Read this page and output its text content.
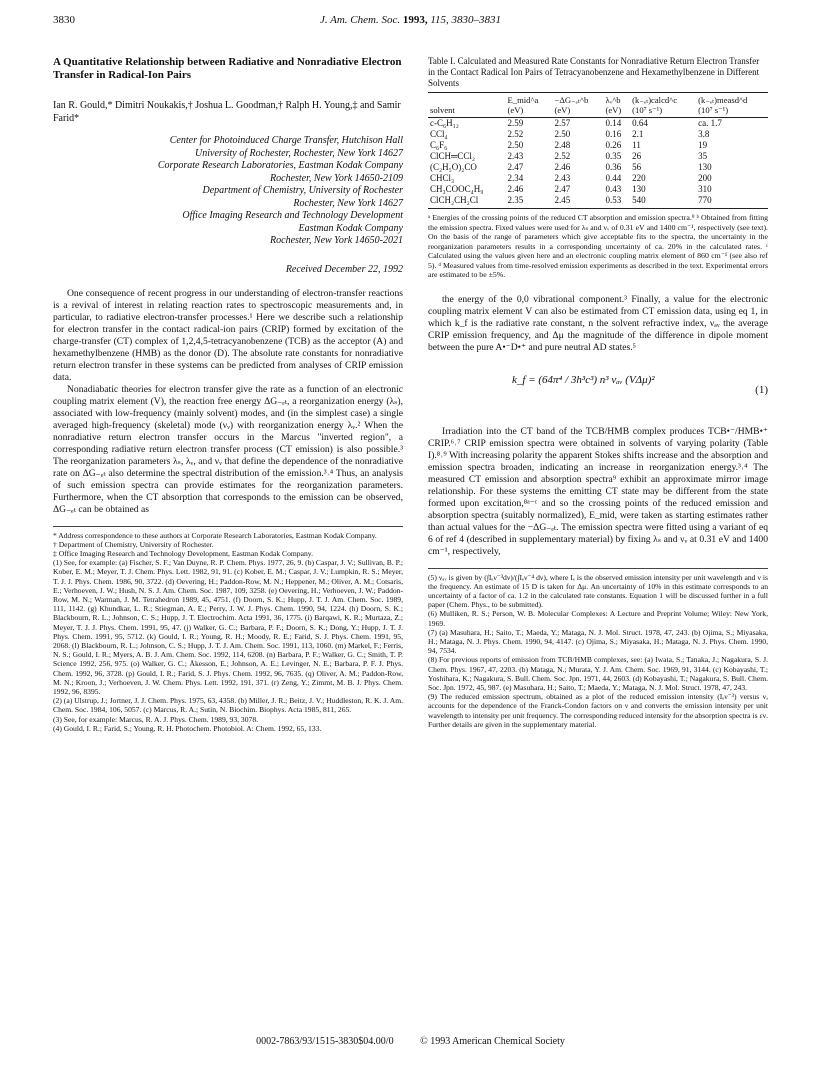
3830	J. Am. Chem. Soc. 1993, 115, 3830–3831
A Quantitative Relationship between Radiative and Nonradiative Electron Transfer in Radical-Ion Pairs
Ian R. Gould,* Dimitri Noukakis,† Joshua L. Goodman,† Ralph H. Young,‡ and Samir Farid*
Center for Photoinduced Charge Transfer, Hutchison Hall
University of Rochester, Rochester, New York 14627
Corporate Research Laboratories, Eastman Kodak Company
Rochester, New York 14650-2109
Department of Chemistry, University of Rochester
Rochester, New York 14627
Office Imaging Research and Technology Development
Eastman Kodak Company
Rochester, New York 14650-2021
Received December 22, 1992

One consequence of recent progress in our understanding of electron-transfer reactions is a revival of interest in relating reaction rates to spectroscopic measurements and, in particular, to radiative electron-transfer processes.¹ Here we describe such a relationship for electron transfer in the contact radical-ion pairs (CRIP) formed by excitation of the charge-transfer (CT) complex of 1,2,4,5-tetracyanobenzene (TCB) as the acceptor (A) and hexamethylbenzene (HMB) as the donor (D). The absolute rate constants for nonradiative return electron transfer in these systems can be predicted from analyses of CRIP emission data.

Nonadiabatic theories for electron transfer give the rate as a function of an electronic coupling matrix element (V), the reaction free energy ΔG₋ₑₜ, a reorganization energy (λₛ), associated with low-frequency (mainly solvent) modes, and (in the simplest case) a single averaged high-frequency (skeletal) mode (νᵥ) with reorganization energy λᵥ.² When the nonradiative return electron transfer occurs in the Marcus "inverted region", a corresponding radiative return electron transfer process (CT emission) is also possible.³ The reorganization parameters λₛ, λᵥ, and νᵥ that define the dependence of the nonradiative rate on ΔG₋ₑₜ also determine the spectral distribution of the emission.³˒⁴ Thus, an analysis of such emission spectra can provide estimates for the reorganization parameters. Furthermore, when the CT absorption that corresponds to the emission can be observed, ΔG₋ₑₜ can be obtained as

* Address correspondence to these authors at Corporate Research Laboratories, Eastman Kodak Company.
† Department of Chemistry, University of Rochester.
‡ Office Imaging Research and Technology Development, Eastman Kodak Company.
(1) See, for example: (a) Fischer, S. F.; Van Duyne, R. P. Chem. Phys. 1977, 26, 9. (b) Caspar, J. V.; Sullivan, B. P.; Kober, E. M.; Meyer, T. J. Chem. Phys. Lett. 1982, 91, 91. (c) Kober, E. M.; Caspar, J. V.; Lumpkin, R. S.; Meyer, T. J. J. Phys. Chem. 1986, 90, 3722. (d) Oevering, H.; Paddon-Row, M. N.; Heppener, M.; Oliver, A. M.; Cotsaris, E.; Verhoeven, J. W.; Hush, N. S. J. Am. Chem. Soc. 1987, 109, 3258. (e) Oevering, H.; Verhoeven, J. W.; Paddon-Row, M. N.; Warman, J. M. Tetrahedron 1989, 45, 4751. (f) Doorn, S. K.; Hupp, J. T. J. Am. Chem. Soc. 1989, 111, 1142. (g) Khundkar, L. R.; Stiegman, A. E.; Perry, J. W. J. Phys. Chem. 1990, 94, 1224. (h) Doorn, S. K.; Blackbourn, R. L.; Johnson, C. S.; Hupp, J. T. Electrochim. Acta 1991, 36, 1775. (i) Barqawi, K. R.; Murtaza, Z.; Meyer, T. J. J. Phys. Chem. 1991, 95, 47. (j) Walker, G. C.; Barbara, P. F.; Doorn, S. K.; Dong, Y.; Hupp, J. T. J. Phys. Chem. 1991, 95, 5712. (k) Gould, I. R.; Young, R. H.; Moody, R. E.; Farid, S. J. Phys. Chem. 1991, 95, 2068. (l) Blackbourn, R. L.; Johnson, C. S.; Hupp, J. T. J. Am. Chem. Soc. 1991, 113, 1060. (m) Markel, F.; Ferris, N. S.; Gould, I. R.; Myers, A. B. J. Am. Chem. Soc. 1992, 114, 6208. (n) Barbara, P. F.; Walker, G. C.; Smith, T. P. Science 1992, 256, 975. (o) Walker, G. C.; Åkesson, E.; Johnson, A. E.; Levinger, N. E.; Barbara, P. F. J. Phys. Chem. 1992, 96, 3728. (p) Gould, I. R.; Farid, S. J. Phys. Chem. 1992, 96, 7635. (q) Oliver, A. M.; Paddon-Row, M. N.; Kroon, J.; Verhoeven, J. W. Chem. Phys. Lett. 1992, 191, 371. (r) Zeng, Y.; Zimmt, M. B. J. Phys. Chem. 1992, 96, 8395.
(2) (a) Ulstrup, J.; Jortner, J. J. Chem. Phys. 1975, 63, 4358. (b) Miller, J. R.; Beitz, J. V.; Huddleston, R. K. J. Am. Chem. Soc. 1984, 106, 5057. (c) Marcus, R. A.; Sutin, N. Biochim. Biophys. Acta 1985, 811, 265.
(3) See, for example: Marcus, R. A. J. Phys. Chem. 1989, 93, 3078.
(4) Gould, I. R.; Farid, S.; Young, R. H. Photochem. Photobiol. A: Chem. 1992, 65, 133.
Table I. Calculated and Measured Rate Constants for Nonradiative Return Electron Transfer in the Contact Radical Ion Pairs of Tetracyanobenzene and Hexamethylbenzene in Different Solvents
	E_mid^a	−ΔG₋ₑₜ^b	λᵥ^b	(k₋ₑₜ)calcd^c	(k₋ₑₜ)measd^d
solvent	(eV)	(eV)	(eV)	(10⁷ s⁻¹)	(10⁷ s⁻¹)
c-C₆H₁₂	2.59	2.57	0.14	0.64	ca. 1.7
CCl₄	2.52	2.50	0.16	2.1	3.8
C₆F₆	2.50	2.48	0.26	11	19
ClCH═CCl₂	2.43	2.52	0.35	26	35
(C₂H₅O)₂CO	2.47	2.46	0.36	56	130
CHCl₃	2.34	2.43	0.44	220	200
CH₃COOC₄H₉	2.46	2.47	0.43	130	310
ClCH₂CH₂Cl	2.35	2.45	0.53	540	770
ᵃ Energies of the crossing points of the reduced CT absorption and emission spectra.⁹ ᵇ Obtained from fitting the emission spectra. Fixed values were used for λₛ and νᵥ of 0.31 eV and 1400 cm⁻¹, respectively (see text). On the basis of the range of parameters which give acceptable fits to the spectra, the uncertainty in the reorganization parameters results in a corresponding uncertainty of ca. 20% in the calculated rates. ᶜ Calculated using the values given here and an electronic coupling matrix element of 860 cm⁻¹ (see also ref 5). ᵈ Measured values from time-resolved emission experiments as described in the text. Experimental errors are estimated to be ±5%.

the energy of the 0,0 vibrational component.³ Finally, a value for the electronic coupling matrix element V can also be estimated from CT emission data, using eq 1, in which k_f is the radiative rate constant, n the solvent refractive index, νₐᵥ the average CRIP emission frequency, and Δμ the magnitude of the difference in dipole moment between the pure A•⁻D•⁺ and pure neutral AD states.⁵

k_f = (64π⁴ / 3h³c³) n³ νₐᵥ (VΔμ)²
(1)

Irradiation into the CT band of the TCB/HMB complex produces TCB•⁻/HMB•⁺ CRIP.⁶˒⁷ CRIP emission spectra were obtained in solvents of varying polarity (Table I).⁸˒⁹ With increasing polarity the apparent Stokes shifts increase and the absorption and emission spectra broaden, indicating an increase in reorganization energy.³˒⁴ The measured CT emission and absorption spectra⁹ exhibit an approximate mirror image relationship. For these systems the emitting CT state may be different from the state formed upon excitation,⁸ᵃ⁻ᶜ and so the crossing points of the reduced emission and absorption spectra (suitably normalized), E_mid, were taken as starting estimates rather than actual values for the −ΔG₋ₑₜ. The emission spectra were fitted using a variant of eq 6 of ref 4 (described in supplementary material) by fixing λₛ and νᵥ at 0.31 eV and 1400 cm⁻¹, respectively,

(5) νₐᵥ is given by (∫Iₑν⁻³dν)/(∫Iₑν⁻⁴ dν), where Iₑ is the observed emission intensity per unit wavelength and ν is the frequency. An estimate of 15 D is taken for Δμ. An uncertainty of 10% in this estimate corresponds to an uncertainty of a factor of ca. 1.2 in the calculated rate constants. Equation 1 will be discussed further in a full paper (Chem. Phys., to be submitted).
(6) Mulliken, R. S.; Person, W. B. Molecular Complexes: A Lecture and Preprint Volume; Wiley: New York, 1969.
(7) (a) Masuhara, H.; Saito, T.; Maeda, Y.; Mataga, N. J. Mol. Struct. 1978, 47, 243. (b) Ojima, S.; Miyasaka, H.; Mataga, N. J. Phys. Chem. 1990, 94, 4147. (c) Ojima, S.; Miyasaka, H.; Mataga, N. J. Phys. Chem. 1990, 94, 7534.
(8) For previous reports of emission from TCB/HMB complexes, see: (a) Iwata, S.; Tanaka, J.; Nagakura, S. J. Chem. Phys. 1967, 47, 2203. (b) Mataga, N.; Murata, Y. J. Am. Chem. Soc. 1969, 91, 3144. (c) Kobayashi, T.; Yoshihara, K.; Nagakura, S. Bull. Chem. Soc. Jpn. 1971, 44, 2603. (d) Kobayashi, T.; Nagakura, S. Bull. Chem. Soc. Jpn. 1972, 45, 987. (e) Masuhara, H.; Saito, T.; Maeda, Y.; Mataga, N. J. Mol. Struct. 1978, 47, 243.
(9) The reduced emission spectrum, obtained as a plot of the reduced emission intensity (Iₑν⁻³) versus ν, accounts for the dependence of the Franck-Condon factors on ν and converts the emission intensity per unit wavelength to intensity per unit frequency. The corresponding reduced intensity for the absorption spectra is εν. Further details are given in the supplementary material.
0002-7863/93/1515-3830$04.00/0	© 1993 American Chemical Society
